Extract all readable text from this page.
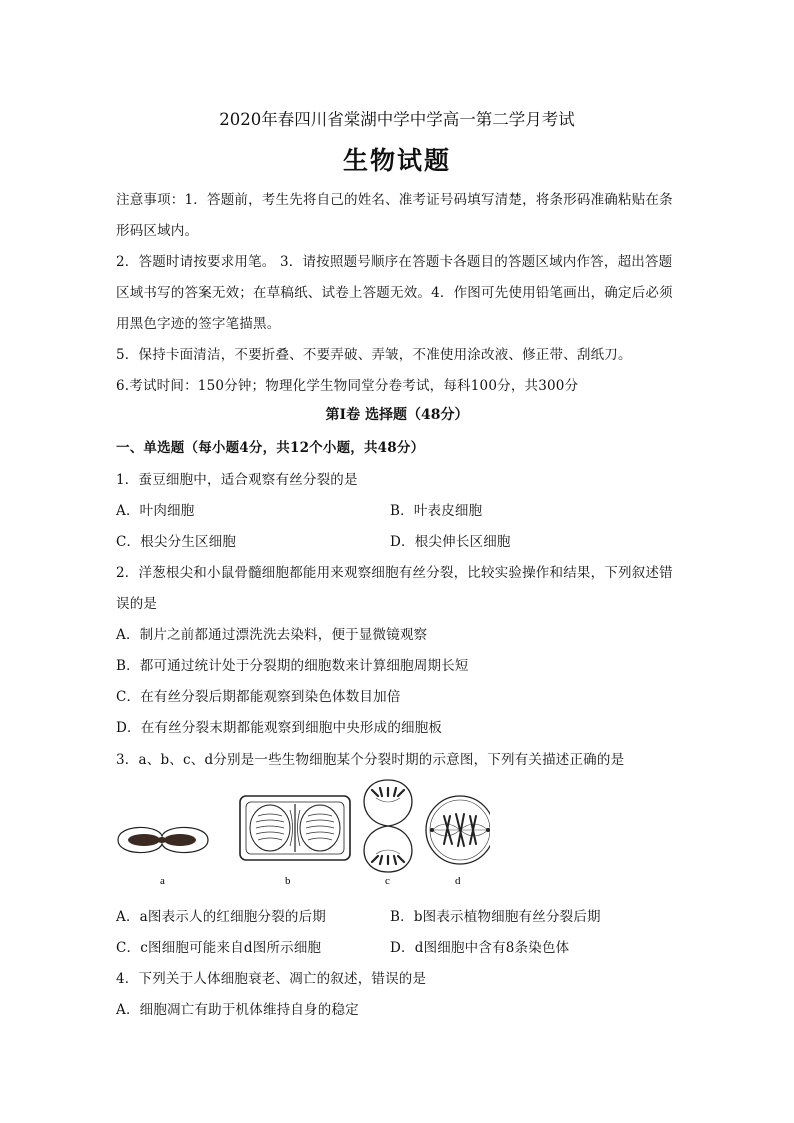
2020年春四川省棠湖中学中学高一第二学月考试
生物试题
注意事项：1．答题前，考生先将自己的姓名、准考证号码填写清楚，将条形码准确粘贴在条
形码区域内。
2．答题时请按要求用笔。 3．请按照题号顺序在答题卡各题目的答题区域内作答，超出答题
区域书写的答案无效；在草稿纸、试卷上答题无效。4．作图可先使用铅笔画出，确定后必须
用黑色字迹的签字笔描黑。
5．保持卡面清洁，不要折叠、不要弄破、弄皱，不准使用涂改液、修正带、刮纸刀。
6.考试时间：150分钟；物理化学生物同堂分卷考试，每科100分，共300分
第Ⅰ卷 选择题（48分）
一、单选题（每小题4分，共12个小题，共48分）
1．蚕豆细胞中，适合观察有丝分裂的是
A．叶肉细胞	B．叶表皮细胞
C．根尖分生区细胞	D．根尖伸长区细胞
2．洋葱根尖和小鼠骨髓细胞都能用来观察细胞有丝分裂，比较实验操作和结果，下列叙述错
误的是
A．制片之前都通过漂洗洗去染料，便于显微镜观察
B．都可通过统计处于分裂期的细胞数来计算细胞周期长短
C．在有丝分裂后期都能观察到染色体数目加倍
D．在有丝分裂末期都能观察到细胞中央形成的细胞板
3．a、b、c、d分别是一些生物细胞某个分裂时期的示意图，下列有关描述正确的是
a	b	c	d
A．a图表示人的红细胞分裂的后期	B．b图表示植物细胞有丝分裂后期
C．c图细胞可能来自d图所示细胞	D．d图细胞中含有8条染色体
4．下列关于人体细胞衰老、凋亡的叙述，错误的是
A．细胞凋亡有助于机体维持自身的稳定
